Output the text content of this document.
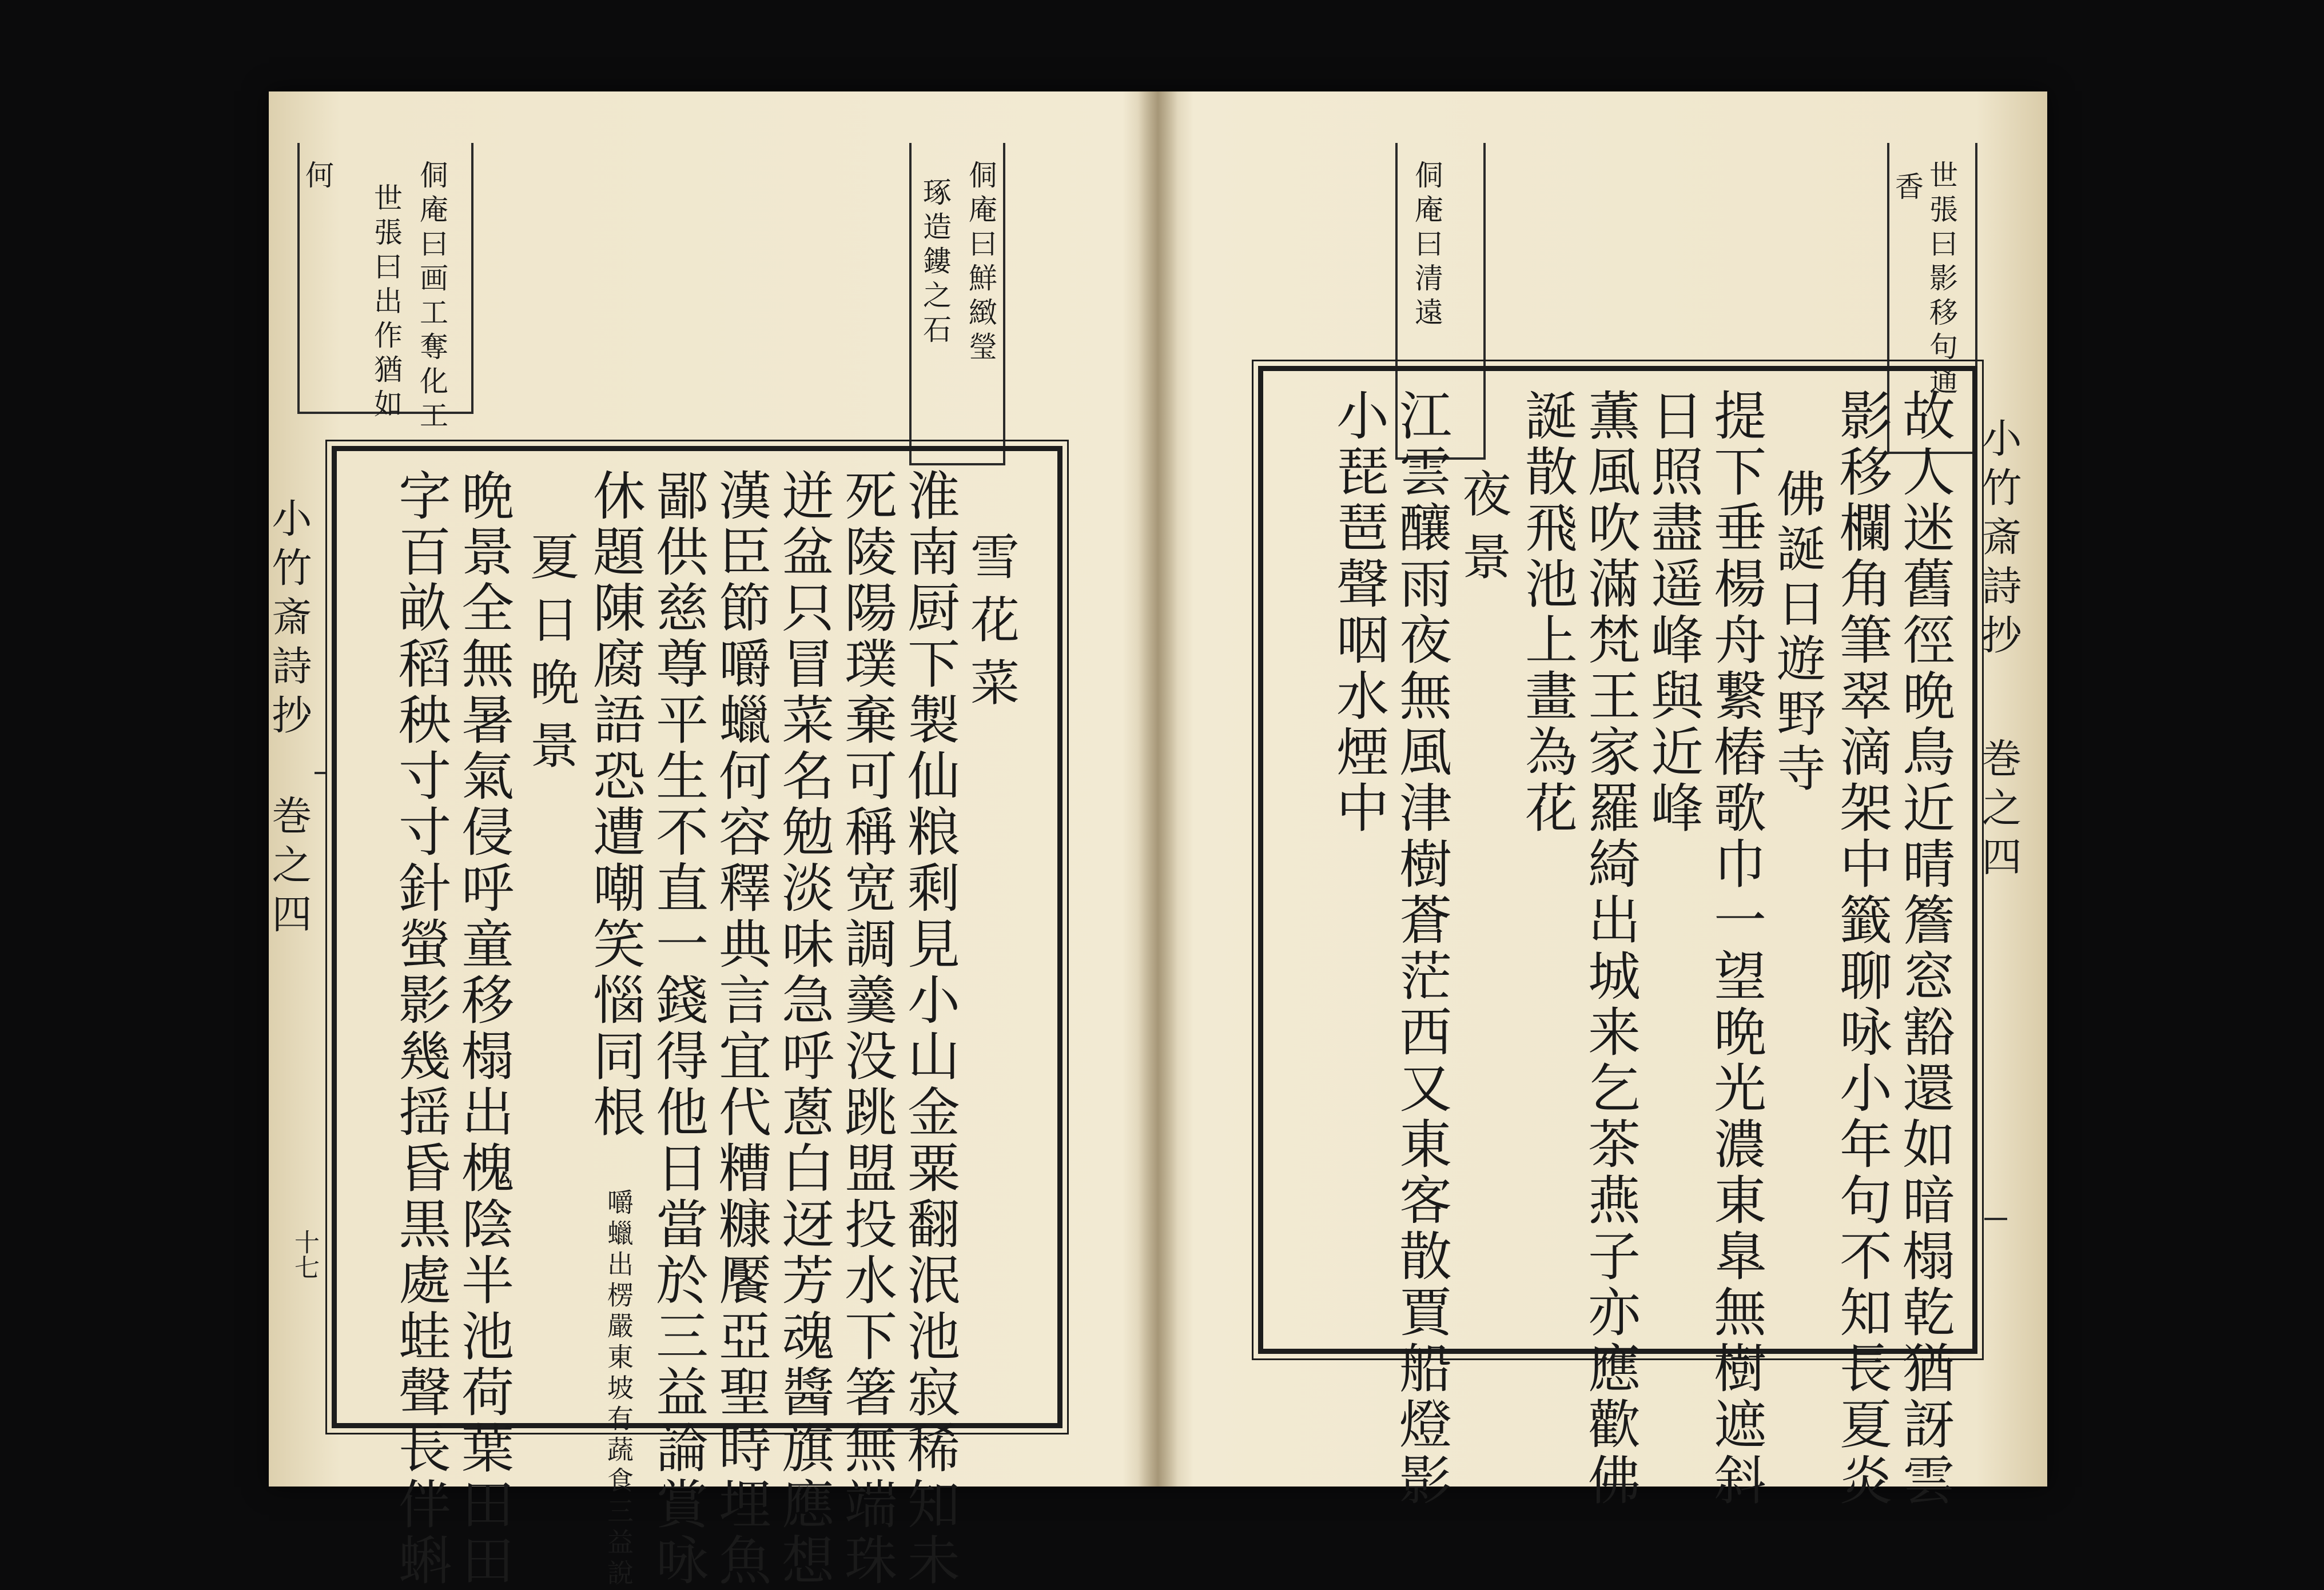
何	侗庵曰画工奪化工
世張曰出作猶如	侗庵曰鮮緻瑩
琢造鏤之石
小竹斎詩抄
巻之四
十七
雪花菜
淮南厨下製仙粮剩見小山金粟翻泯池寂稀知未
死陵陽璞棄可稱宽調羹没跳盟投水下箸無端珠
迸盆只冒菜名勉淡味急呼蔥白迓芳魂醬旗應想
漢臣節嚼蠟何容釋典言宜代糟糠饜亞聖時埋魚
鄙供慈尊平生不直一錢得他日當於三益論賞咏
休題陳腐語恐遭嘲笑惱同根
嚼蠟出楞嚴東坡有蔬食三益說
夏日晩景
晩景全無暑氣侵呼童移榻出槐陰半池荷葉田田
字百畝稻秧寸寸針螢影幾揺昏黒處蛙聲長伴蝌

侗庵曰清遠	世張曰影移句通
香
小竹斎詩抄
巻之四
故人迷舊徑晩鳥近晴簷窓豁還如暗榻乾猶訝雲
影移欄角筆翠滴架中籤聊咏小年句不知長夏炎
佛誕日遊野寺
提下垂楊舟繋樁歌巾一望晩光濃東臯無樹遮斜
日照盡遥峰與近峰
薫風吹滿梵王家羅綺出城来乞茶燕子亦應歡佛
誕散飛池上畫為花
夜景
江雲釀雨夜無風津樹蒼茫西又東客散賈船燈影
小琵琶聲咽水煙中
